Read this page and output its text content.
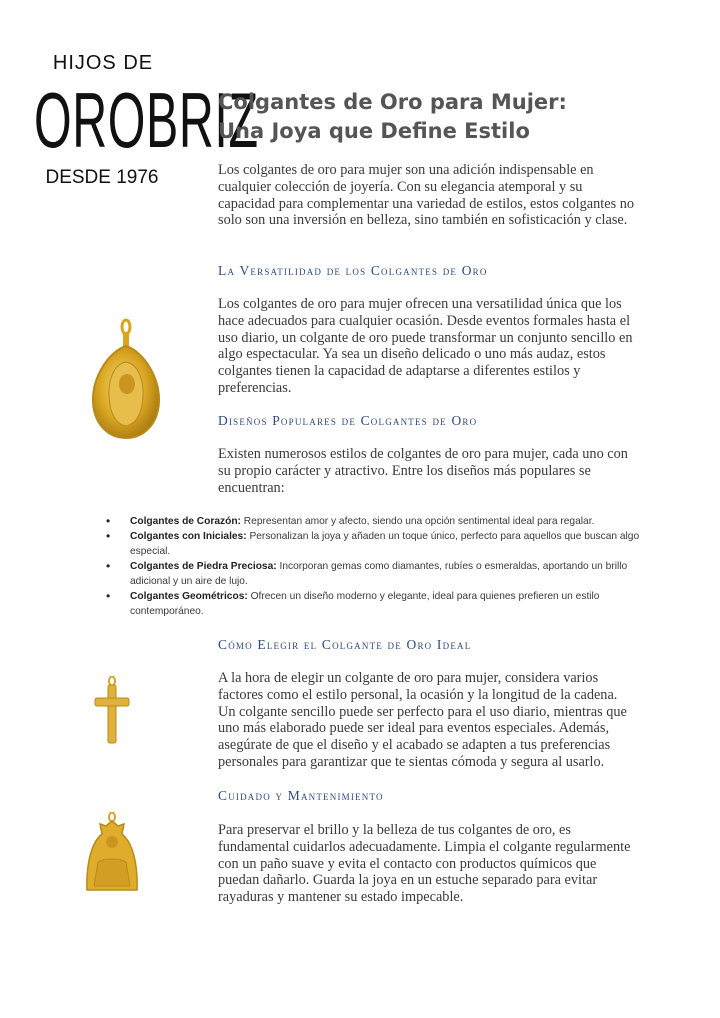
HIJOS DE
OROBRIZ
DESDE 1976
Colgantes de Oro para Mujer: Una Joya que Define Estilo

Los colgantes de oro para mujer son una adición indispensable en cualquier colección de joyería. Con su elegancia atemporal y su capacidad para complementar una variedad de estilos, estos colgantes no solo son una inversión en belleza, sino también en sofisticación y clase.

La Versatilidad de los Colgantes de Oro

Los colgantes de oro para mujer ofrecen una versatilidad única que los hace adecuados para cualquier ocasión. Desde eventos formales hasta el uso diario, un colgante de oro puede transformar un conjunto sencillo en algo espectacular. Ya sea un diseño delicado o uno más audaz, estos colgantes tienen la capacidad de adaptarse a diferentes estilos y preferencias.

Diseños Populares de Colgantes de Oro

Existen numerosos estilos de colgantes de oro para mujer, cada uno con su propio carácter y atractivo. Entre los diseños más populares se encuentran:

• Colgantes de Corazón: Representan amor y afecto, siendo una opción sentimental ideal para regalar.
• Colgantes con Iniciales: Personalizan la joya y añaden un toque único, perfecto para aquellos que buscan algo especial.
• Colgantes de Piedra Preciosa: Incorporan gemas como diamantes, rubíes o esmeraldas, aportando un brillo adicional y un aire de lujo.
• Colgantes Geométricos: Ofrecen un diseño moderno y elegante, ideal para quienes prefieren un estilo contemporáneo.
Cómo Elegir el Colgante de Oro Ideal

A la hora de elegir un colgante de oro para mujer, considera varios factores como el estilo personal, la ocasión y la longitud de la cadena. Un colgante sencillo puede ser perfecto para el uso diario, mientras que uno más elaborado puede ser ideal para eventos especiales. Además, asegúrate de que el diseño y el acabado se adapten a tus preferencias personales para garantizar que te sientas cómoda y segura al usarlo.

Cuidado y Mantenimiento

Para preservar el brillo y la belleza de tus colgantes de oro, es fundamental cuidarlos adecuadamente. Limpia el colgante regularmente con un paño suave y evita el contacto con productos químicos que puedan dañarlo. Guarda la joya en un estuche separado para evitar rayaduras y mantener su estado impecable.
